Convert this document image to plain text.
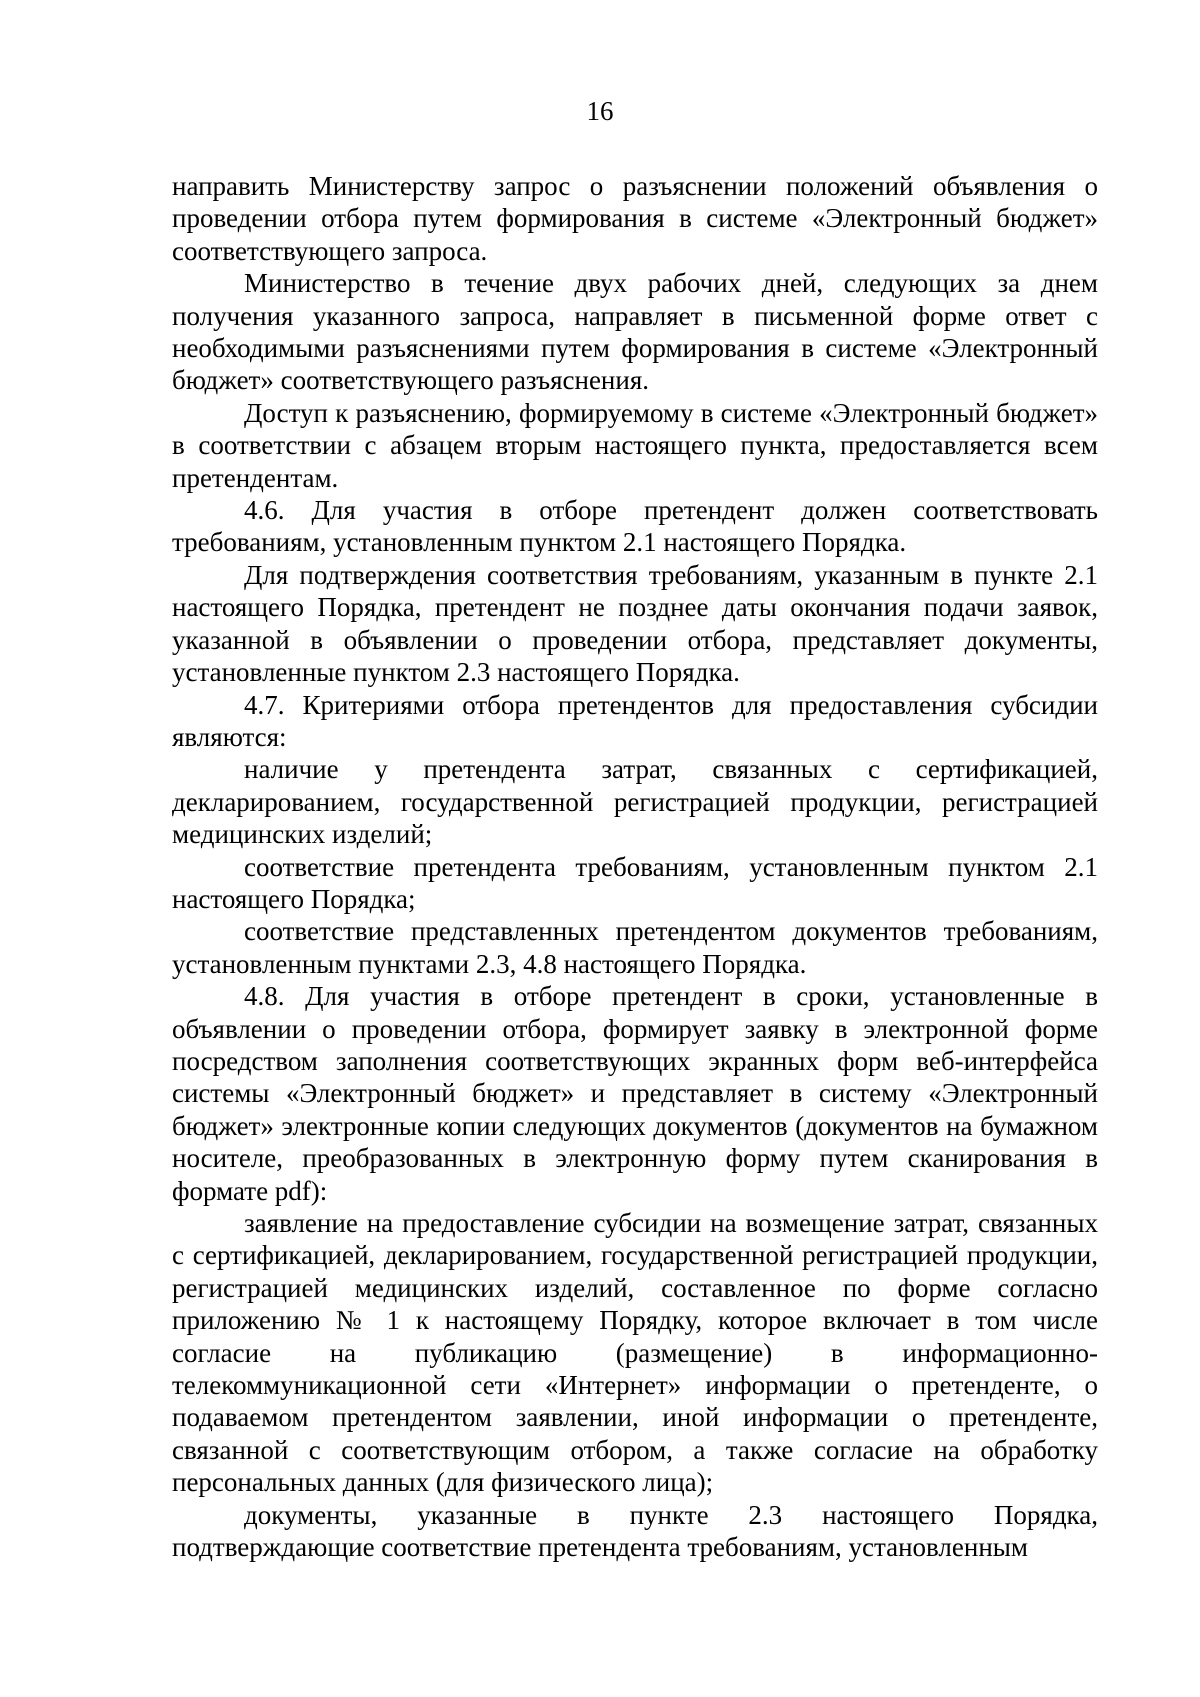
16

направить Министерству запрос о разъяснении положений объявления о проведении отбора путем формирования в системе «Электронный бюджет» соответствующего запроса.

Министерство в течение двух рабочих дней, следующих за днем получения указанного запроса, направляет в письменной форме ответ с необходимыми разъяснениями путем формирования в системе «Электронный бюджет» соответствующего разъяснения.

Доступ к разъяснению, формируемому в системе «Электронный бюджет» в соответствии с абзацем вторым настоящего пункта, предоставляется всем претендентам.

4.6. Для участия в отборе претендент должен соответствовать требованиям, установленным пунктом 2.1 настоящего Порядка.

Для подтверждения соответствия требованиям, указанным в пункте 2.1 настоящего Порядка, претендент не позднее даты окончания подачи заявок, указанной в объявлении о проведении отбора, представляет документы, установленные пунктом 2.3 настоящего Порядка.

4.7. Критериями отбора претендентов для предоставления субсидии являются:

наличие у претендента затрат, связанных с сертификацией, декларированием, государственной регистрацией продукции, регистрацией медицинских изделий;

соответствие претендента требованиям, установленным пунктом 2.1 настоящего Порядка;

соответствие представленных претендентом документов требованиям, установленным пунктами 2.3, 4.8 настоящего Порядка.

4.8. Для участия в отборе претендент в сроки, установленные в объявлении о проведении отбора, формирует заявку в электронной форме посредством заполнения соответствующих экранных форм веб-интерфейса системы «Электронный бюджет» и представляет в систему «Электронный бюджет» электронные копии следующих документов (документов на бумажном носителе, преобразованных в электронную форму путем сканирования в формате pdf):

заявление на предоставление субсидии на возмещение затрат, связанных с сертификацией, декларированием, государственной регистрацией продукции, регистрацией медицинских изделий, составленное по форме согласно приложению № 1 к настоящему Порядку, которое включает в том числе согласие на публикацию (размещение) в информационно-телекоммуникационной сети «Интернет» информации о претенденте, о подаваемом претендентом заявлении, иной информации о претенденте, связанной с соответствующим отбором, а также согласие на обработку персональных данных (для физического лица);

документы, указанные в пункте 2.3 настоящего Порядка, подтверждающие соответствие претендента требованиям, установленным
